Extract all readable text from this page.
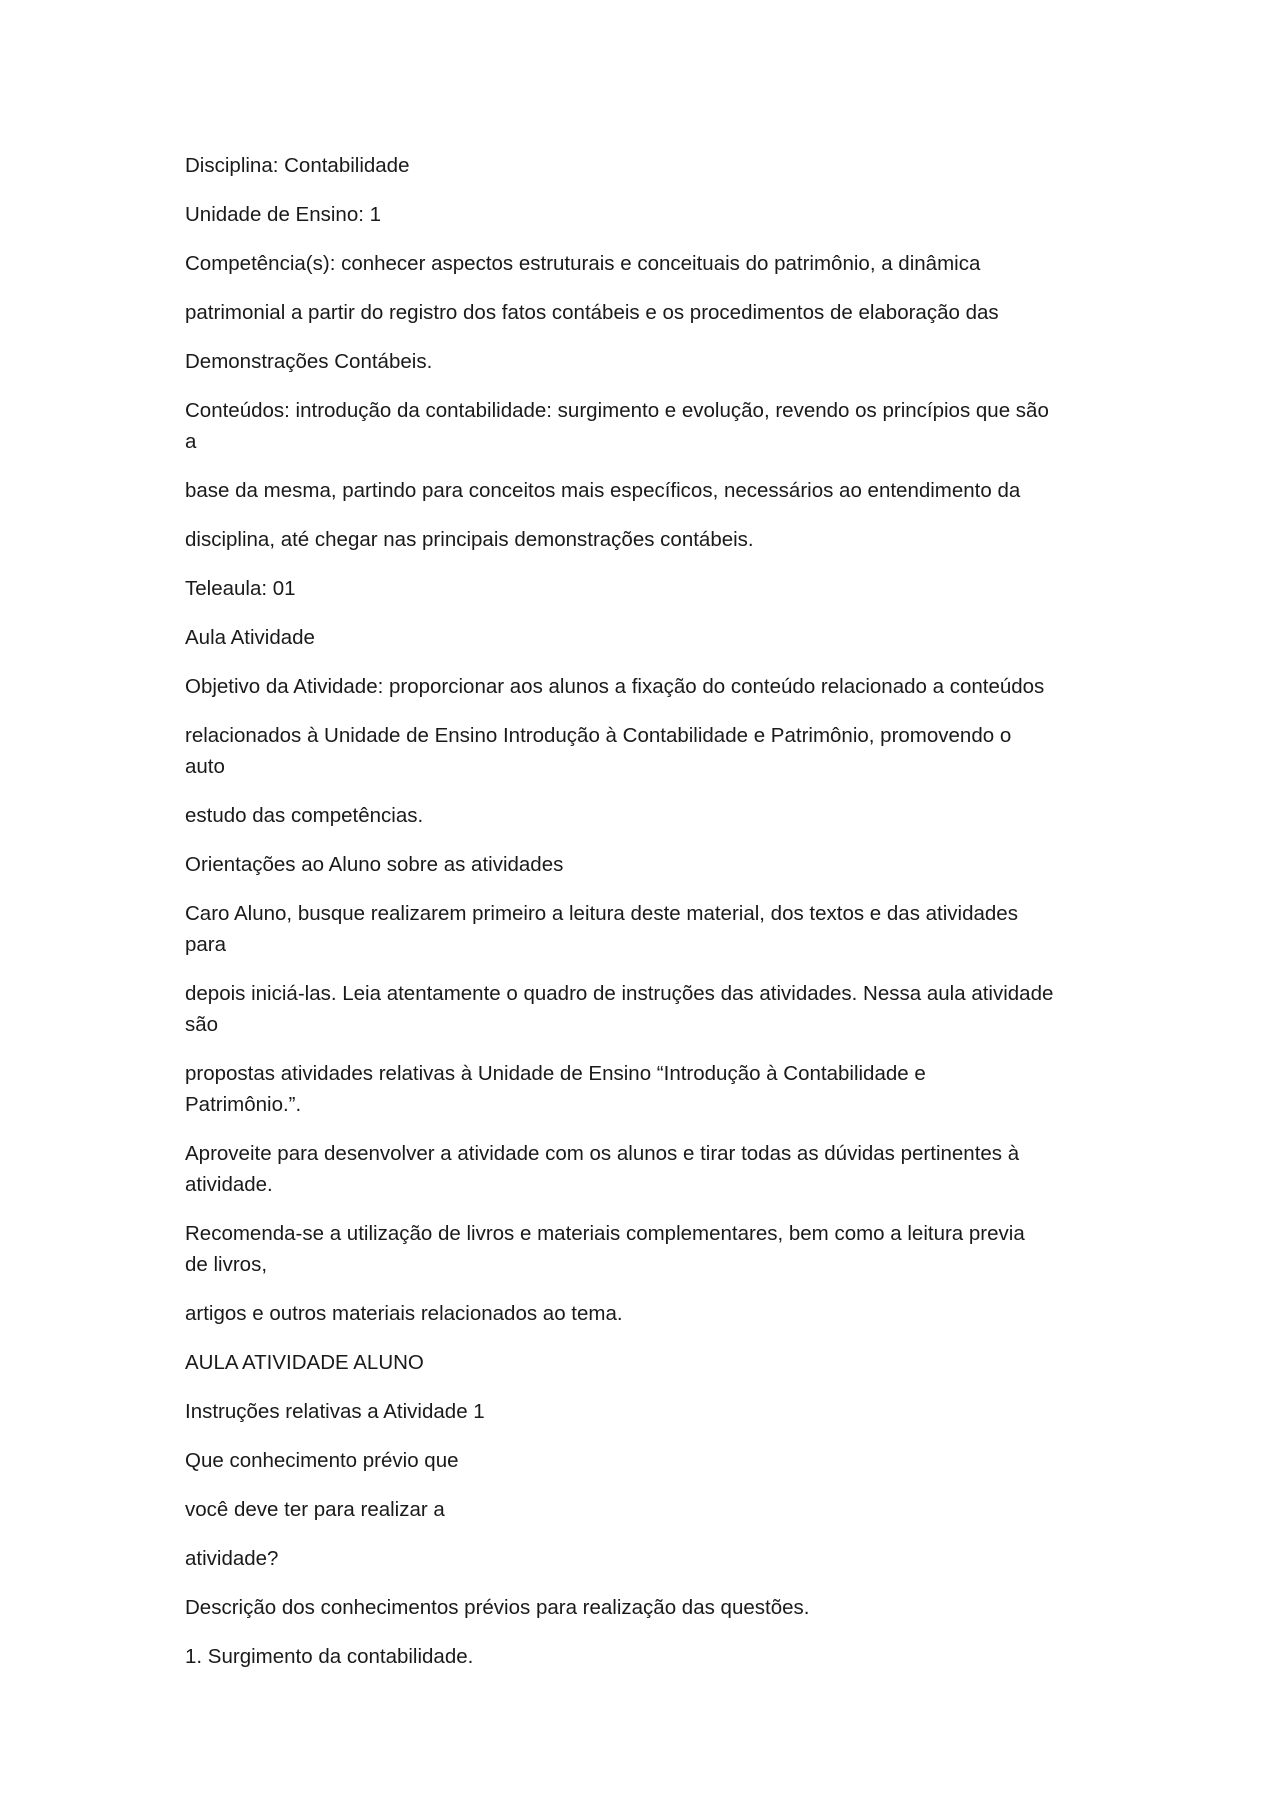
Disciplina: Contabilidade

Unidade de Ensino: 1

Competência(s): conhecer aspectos estruturais e conceituais do patrimônio, a dinâmica

patrimonial a partir do registro dos fatos contábeis e os procedimentos de elaboração das

Demonstrações Contábeis.

Conteúdos: introdução da contabilidade: surgimento e evolução, revendo os princípios que são
a

base da mesma, partindo para conceitos mais específicos, necessários ao entendimento da

disciplina, até chegar nas principais demonstrações contábeis.

Teleaula: 01

Aula Atividade

Objetivo da Atividade: proporcionar aos alunos a fixação do conteúdo relacionado a conteúdos

relacionados à Unidade de Ensino Introdução à Contabilidade e Patrimônio, promovendo o
auto

estudo das competências.

Orientações ao Aluno sobre as atividades

Caro Aluno, busque realizarem primeiro a leitura deste material, dos textos e das atividades
para

depois iniciá-las. Leia atentamente o quadro de instruções das atividades. Nessa aula atividade
são

propostas atividades relativas à Unidade de Ensino “Introdução à Contabilidade e
Patrimônio.”.

Aproveite para desenvolver a atividade com os alunos e tirar todas as dúvidas pertinentes à
atividade.

Recomenda-se a utilização de livros e materiais complementares, bem como a leitura previa
de livros,

artigos e outros materiais relacionados ao tema.

AULA ATIVIDADE ALUNO

Instruções relativas a Atividade 1

Que conhecimento prévio que

você deve ter para realizar a

atividade?

Descrição dos conhecimentos prévios para realização das questões.

1. Surgimento da contabilidade.
